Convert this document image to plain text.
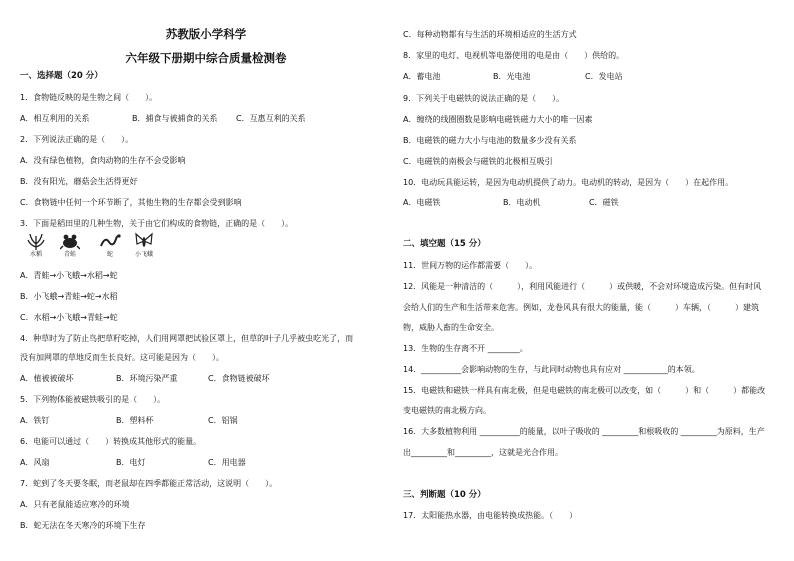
苏教版小学科学
六年级下册期中综合质量检测卷
一、选择题（20 分）
1．食物链反映的是生物之间（　　）。
A．相互利用的关系	B．捕食与被捕食的关系 C．互惠互利的关系
2．下列说法正确的是（　　）。
A．没有绿色植物，食肉动物的生存不会受影响
B．没有阳光，蘑菇会生活得更好
C．食物链中任何一个环节断了，其他生物的生存都会受到影响
3．下面是稻田里的几种生物，关于由它们构成的食物链，正确的是（　　）。
水稻	青蛙	蛇	小飞蛾
A．青蛙→小飞蛾→水稻→蛇
B．小飞蛾→青蛙→蛇→水稻
C．水稻→小飞蛾→青蛙→蛇
4．种草时为了防止鸟把草籽吃掉，人们用网罩把试验区罩上，但草的叶子几乎被虫吃光了，而
没有加网罩的草地反而生长良好。这可能是因为（　　）。
A．植被被破坏	B．环境污染严重	C．食物链被破坏
5．下列物体能被磁铁吸引的是（　　）。
A．铁钉	B．塑料杯	C．铝锅
6．电能可以通过（　　）转换成其他形式的能量。
A．风扇	B．电灯	C．用电器
7．蛇到了冬天要冬眠，而老鼠却在四季都能正常活动，这说明（　　）。
A．只有老鼠能适应寒冷的环境
B．蛇无法在冬天寒冷的环境下生存
C．每种动物都有与生活的环境相适应的生活方式
8．家里的电灯、电视机等电器使用的电是由（　　）供给的。
A．蓄电池	B．光电池	C．发电站
9．下列关于电磁铁的说法正确的是（　　）。
A．缠绕的线圈圈数是影响电磁铁磁力大小的唯一因素
B．电磁铁的磁力大小与电池的数量多少没有关系
C．电磁铁的南极会与磁铁的北极相互吸引
10．电动玩具能运转，是因为电动机提供了动力。电动机的转动，是因为（　　）在起作用。
A．电磁铁	B．电动机	C．磁铁
二、填空题（15 分）
11．世间万物的运作都需要（　　）。
12．风能是一种清洁的（　　　），利用风能进行（　　　）或供暖，不会对环境造成污染。但有时风
会给人们的生产和生活带来危害。例如，龙卷风具有很大的能量，能（　　　）车辆，（　　　）建筑
物，威胁人畜的生命安全。
13．生物的生存离不开 ________。
14．__________会影响动物的生存，与此同时动物也具有应对 ___________的本领。
15．电磁铁和磁铁一样具有南北极，但是电磁铁的南北极可以改变，如（　　　）和（　　　）都能改
变电磁铁的南北极方向。
16．大多数植物利用 __________的能量，以叶子吸收的 _________和根吸收的 _________为原料，生产
出_________和_________，这就是光合作用。
三、判断题（10 分）
17．太阳能热水器，由电能转换成热能。（　　）
